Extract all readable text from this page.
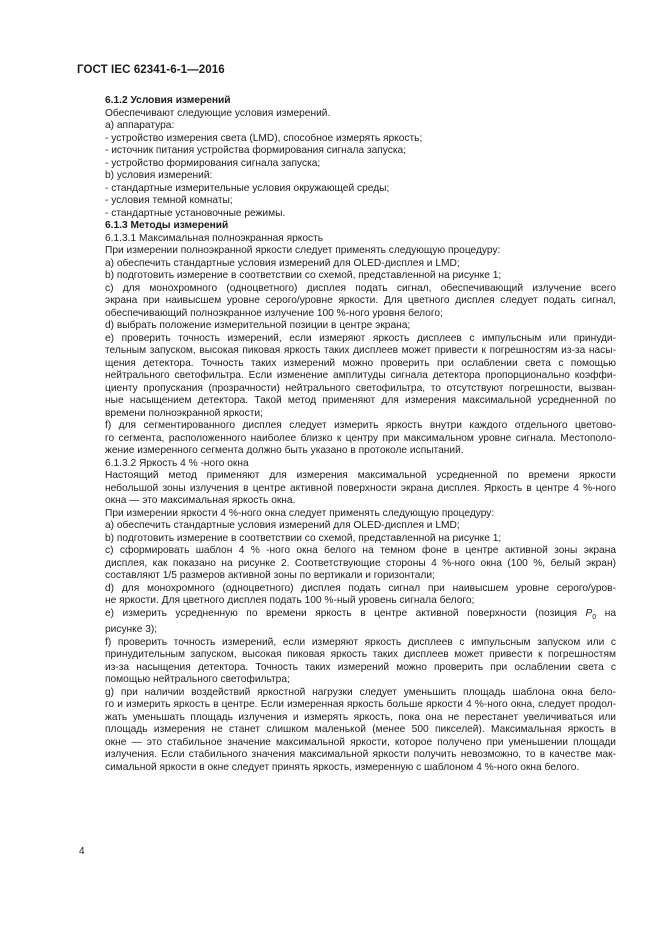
ГОСТ IEC 62341-6-1—2016

6.1.2 Условия измерений

Обеспечивают следующие условия измерений.

a) аппаратура:

- устройство измерения света (LMD), способное измерять яркость;

- источник питания устройства формирования сигнала запуска;

- устройство формирования сигнала запуска;

b) условия измерений:

- стандартные измерительные условия окружающей среды;

- условия темной комнаты;

- стандартные установочные режимы.

6.1.3 Методы измерений

6.1.3.1 Максимальная полноэкранная яркость

При измерении полноэкранной яркости следует применять следующую процедуру:

a) обеспечить стандартные условия измерений для OLED-дисплея и LMD;

b) подготовить измерение в соответствии со схемой, представленной на рисунке 1;

c) для монохромного (одноцветного) дисплея подать сигнал, обеспечивающий излучение всего

экрана при наивысшем уровне серого/уровне яркости. Для цветного дисплея следует подать сигнал,

обеспечивающий полноэкранное излучение 100 %-ного уровня белого;

d) выбрать положение измерительной позиции в центре экрана;

e) проверить точность измерений, если измеряют яркость дисплеев с импульсным или принуди-

тельным запуском, высокая пиковая яркость таких дисплеев может привести к погрешностям из-за насы-

щения детектора. Точность таких измерений можно проверить при ослаблении света с помощью

нейтрального светофильтра. Если изменение амплитуды сигнала детектора пропорционально коэффи-

циенту пропускания (прозрачности) нейтрального светофильтра, то отсутствуют погрешности, вызван-

ные насыщением детектора. Такой метод применяют для измерения максимальной усредненной по

времени полноэкранной яркости;

f) для сегментированного дисплея следует измерить яркость внутри каждого отдельного цветово-

го сегмента, расположенного наиболее близко к центру при максимальном уровне сигнала. Местополо-

жение измеренного сегмента должно быть указано в протоколе испытаний.

6.1.3.2 Яркость 4 % -ного окна

Настоящий метод применяют для измерения максимальной усредненной по времени яркости

небольшой зоны излучения в центре активной поверхности экрана дисплея. Яркость в центре 4 %-ного

окна — это максимальная яркость окна.

При измерении яркости 4 %-ного окна следует применять следующую процедуру:

a) обеспечить стандартные условия измерений для OLED-дисплея и LMD;

b) подготовить измерение в соответствии со схемой, представленной на рисунке 1;

c) сформировать шаблон 4 % -ного окна белого на темном фоне в центре активной зоны экрана

дисплея, как показано на рисунке 2. Соответствующие стороны 4 %-ного окна (100 %, белый экран)

составляют 1/5 размеров активной зоны по вертикали и горизонтали;

d) для монохромного (одноцветного) дисплея подать сигнал при наивысшем уровне серого/уров-

не яркости. Для цветного дисплея подать 100 %-ный уровень сигнала белого;

e) измерить усредненную по времени яркость в центре активной поверхности (позиция $P_0$ на

рисунке 3);

f) проверить точность измерений, если измеряют яркость дисплеев с импульсным запуском или с

принудительным запуском, высокая пиковая яркость таких дисплеев может привести к погрешностям

из-за насыщения детектора. Точность таких измерений можно проверить при ослаблении света с

помощью нейтрального светофильтра;

g) при наличии воздействий яркостной нагрузки следует уменьшить площадь шаблона окна бело-

го и измерить яркость в центре. Если измеренная яркость больше яркости 4 %-ного окна, следует продол-

жать уменьшать площадь излучения и измерять яркость, пока она не перестанет увеличиваться или

площадь измерения не станет слишком маленькой (менее 500 пикселей). Максимальная яркость в

окне — это стабильное значение максимальной яркости, которое получено при уменьшении площади

излучения. Если стабильного значения максимальной яркости получить невозможно, то в качестве мак-

симальной яркости в окне следует принять яркость, измеренную с шаблоном 4 %-ного окна белого.

4
